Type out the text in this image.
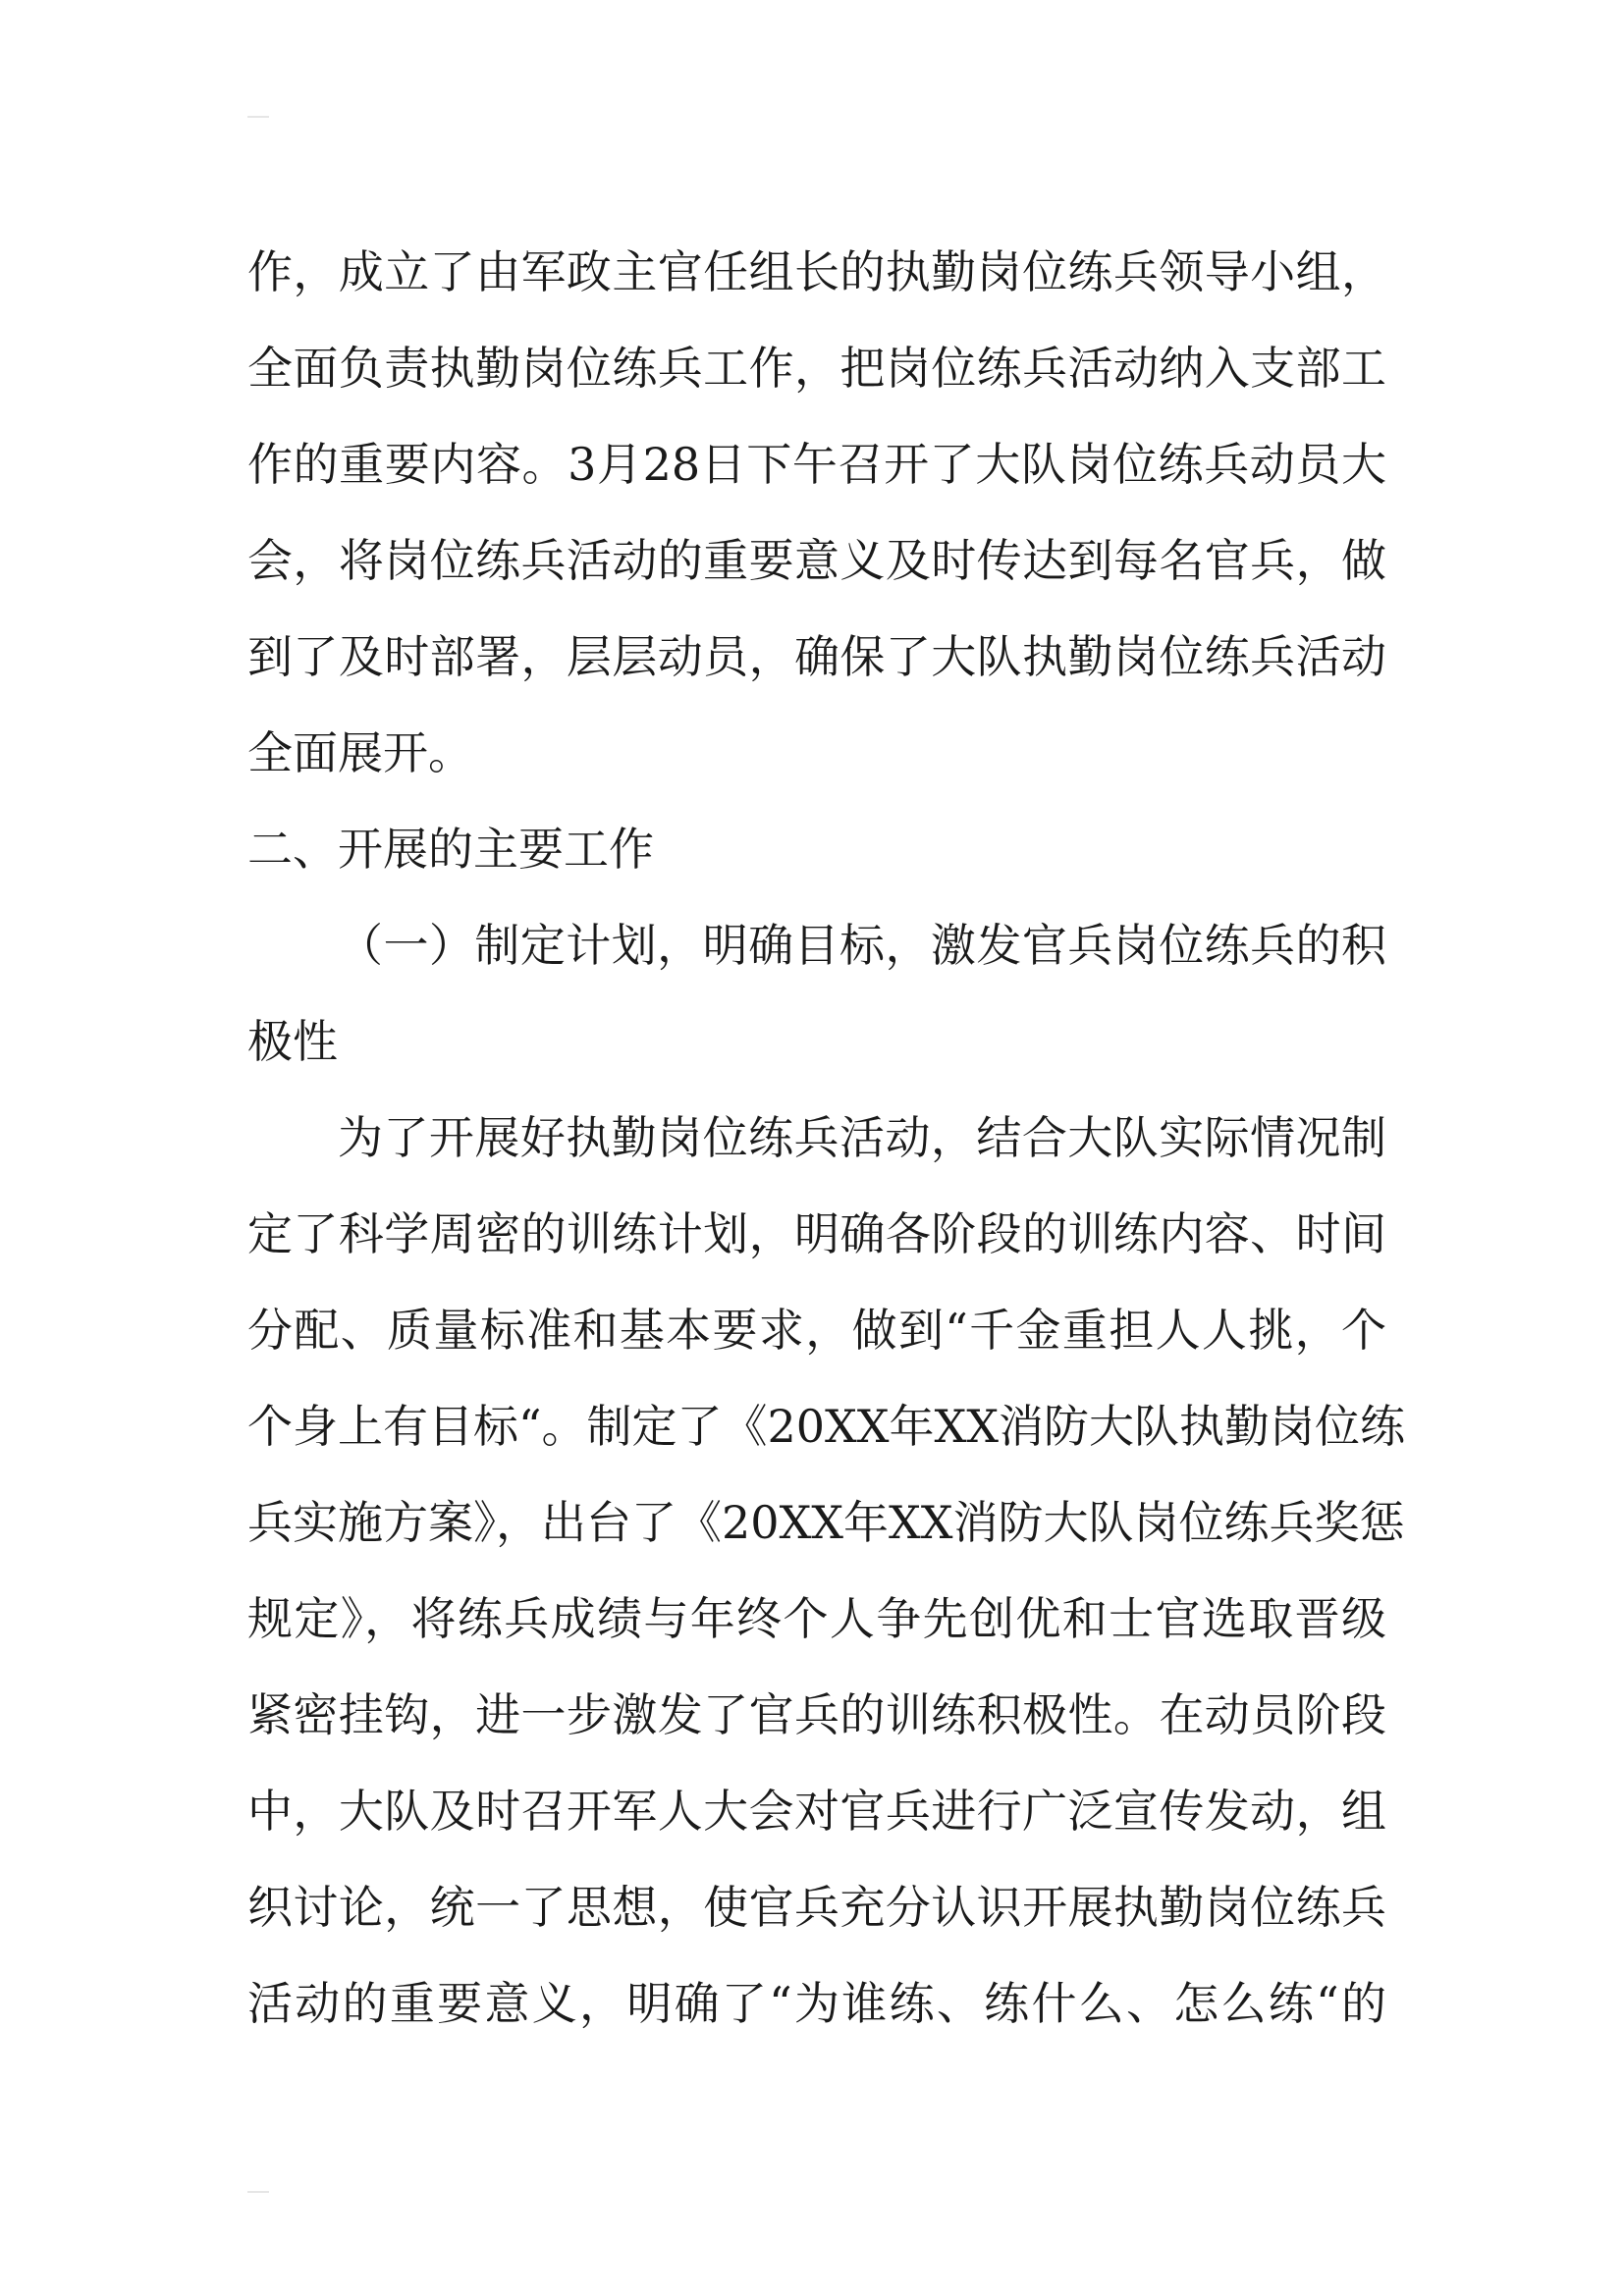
作，成立了由军政主官任组长的执勤岗位练兵领导小组，
全面负责执勤岗位练兵工作，把岗位练兵活动纳入支部工
作的重要内容。3月28日下午召开了大队岗位练兵动员大
会，将岗位练兵活动的重要意义及时传达到每名官兵，做
到了及时部署，层层动员，确保了大队执勤岗位练兵活动
全面展开。
二、开展的主要工作
（一）制定计划，明确目标，激发官兵岗位练兵的积
极性
为了开展好执勤岗位练兵活动，结合大队实际情况制
定了科学周密的训练计划，明确各阶段的训练内容、时间
分配、质量标准和基本要求，做到“千金重担人人挑，个
个身上有目标“。制定了《20XX年XX消防大队执勤岗位练
兵实施方案》，出台了《20XX年XX消防大队岗位练兵奖惩
规定》，将练兵成绩与年终个人争先创优和士官选取晋级
紧密挂钩，进一步激发了官兵的训练积极性。在动员阶段
中，大队及时召开军人大会对官兵进行广泛宣传发动，组
织讨论，统一了思想，使官兵充分认识开展执勤岗位练兵
活动的重要意义，明确了“为谁练、练什么、怎么练“的
